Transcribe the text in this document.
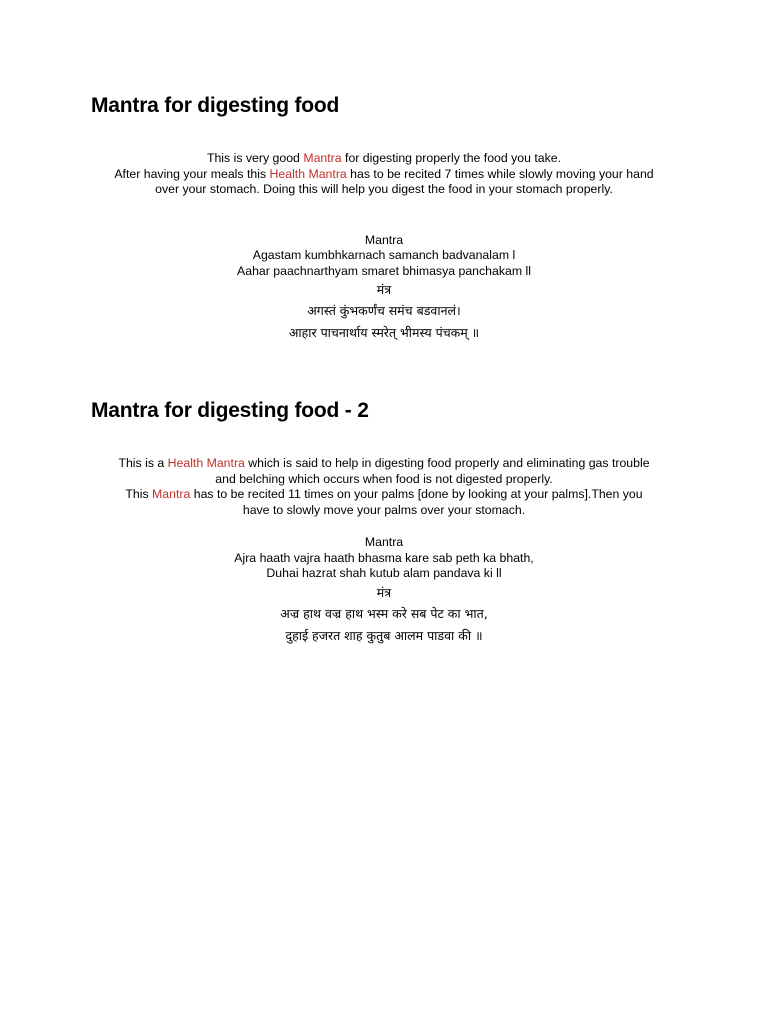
Mantra for digesting food
This is very good Mantra for digesting properly the food you take.
After having your meals this Health Mantra has to be recited 7 times while slowly moving your hand
over your stomach. Doing this will help you digest the food in your stomach properly.
Mantra
Agastam kumbhkarnach samanch badvanalam l
Aahar paachnarthyam smaret bhimasya panchakam ll
मंत्र
अगस्तं कुंभकर्णंच समंच बडवानलं।
आहार पाचनार्थाय स्मरेत् भीमस्य पंचकम् ॥
Mantra for digesting food - 2
This is a Health Mantra which is said to help in digesting food properly and eliminating gas trouble
and belching which occurs when food is not digested properly.
This Mantra has to be recited 11 times on your palms [done by looking at your palms].Then you
have to slowly move your palms over your stomach.
Mantra
Ajra haath vajra haath bhasma kare sab peth ka bhath,
Duhai hazrat shah kutub alam pandava ki ll
मंत्र
अज्र हाथ वज्र हाथ भस्म करे सब पेट का भात,
दुहाई हजरत शाह कुतुब आलम पाडवा की ॥
